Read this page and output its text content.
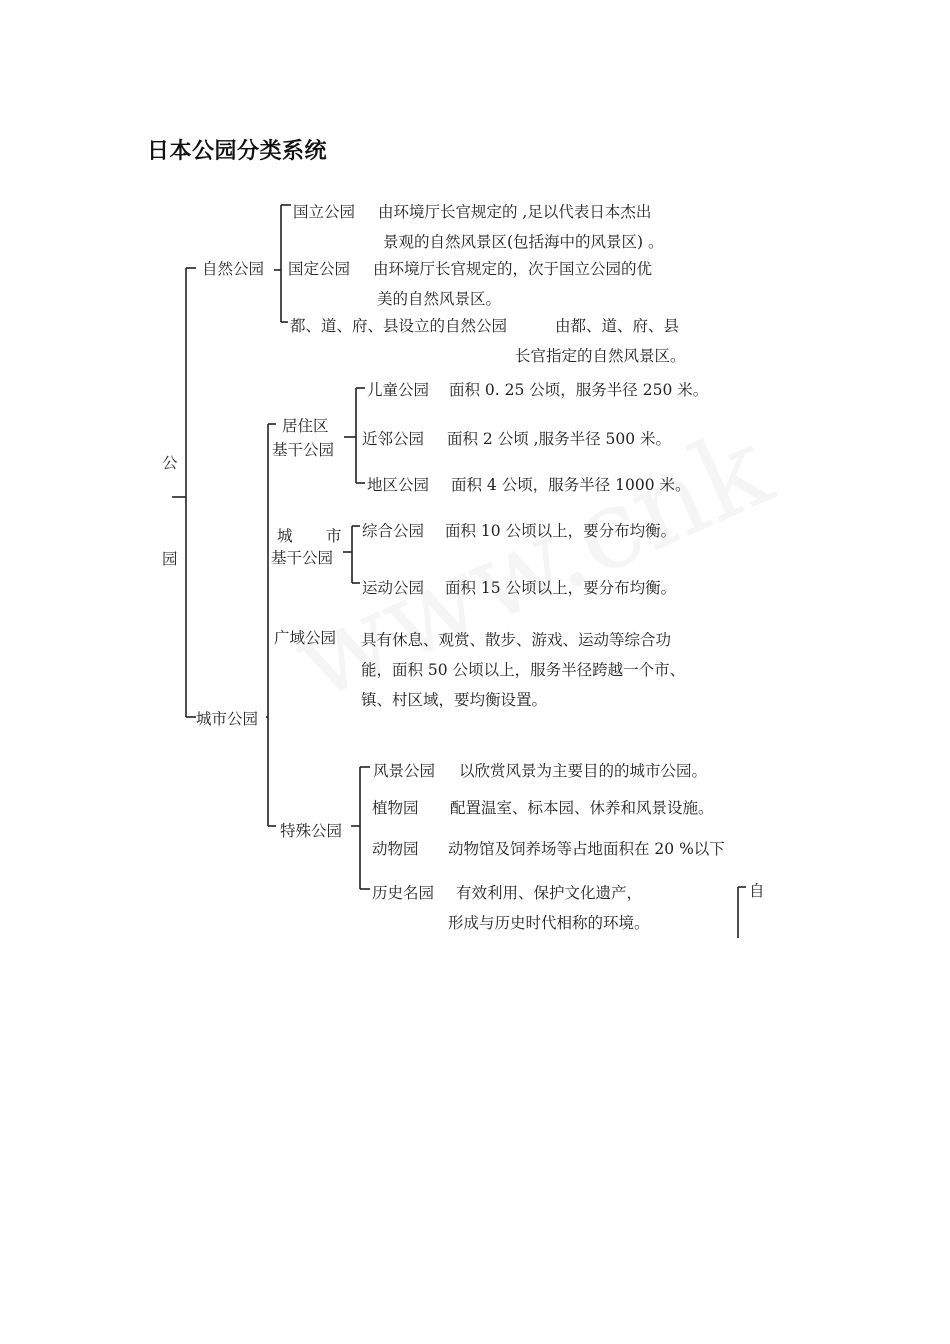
日本公园分类系统
公
园
自然公园
国立公园 由环境厅长官规定的 ,足以代表日本杰出
景观的自然风景区(包括海中的风景区) 。
国定公园 由环境厅长官规定的，次于国立公园的优
美的自然风景区。
都、道、府、县设立的自然公园	由都、道、府、县
长官指定的自然风景区。
城市公园
居住区
基干公园
儿童公园 面积 0. 25 公顷，服务半径 250 米。
近邻公园 面积 2 公顷 ,服务半径 500 米。
地区公园 面积 4 公顷，服务半径 1000 米。
城 市
基干公园
综合公园 面积 10 公顷以上，要分布均衡。
运动公园 面积 15 公顷以上，要分布均衡。
广域公园 具有休息、观赏、散步、游戏、运动等综合功
能，面积 50 公顷以上，服务半径跨越一个市、
镇、村区域，要均衡设置。
特殊公园
风景公园 以欣赏风景为主要目的的城市公园。
植物园 配置温室、标本园、休养和风景设施。
动物园 动物馆及饲养场等占地面积在 20 %以下
历史名园 有效利用、保护文化遗产，
形成与历史时代相称的环境。
自
